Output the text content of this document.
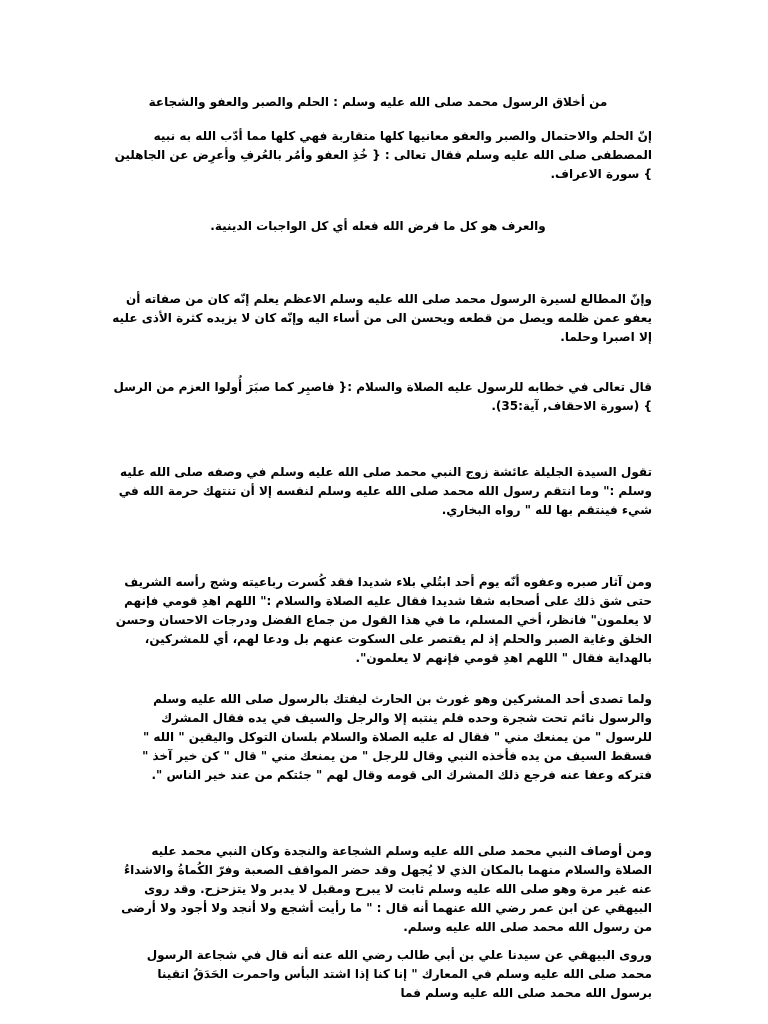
من أخلاق الرسول محمد صلى الله عليه وسلم : الحلم والصبر والعفو والشجاعة

إنّ الحلم والاحتمال والصبر والعفو معانيها كلها متقاربة فهي كلها مما أدّب الله به نبيه المصطفى صلى الله عليه وسلم فقال تعالى : { خُذِ العفو وأمُر بالعُرفِ وأعرِض عن الجاهلين } سورة الاعراف.

والعرف هو كل ما فرض الله فعله أي كل الواجبات الدينية.

وإنّ المطالع لسيرة الرسول محمد صلى الله عليه وسلم الاعظم يعلم إنّه كان من صفاته أن يعفو عمن ظلمه ويصل من قطعه ويحسن الى من أساء اليه وإنّه كان لا يزيده كثرة الأذى عليه إلا اصبرا وحلما.

قال تعالى في خطابه للرسول عليه الصلاة والسلام :{ فاصبِر كما صبَرَ أُولوا العزم من الرسل } (سورة الاحقاف, آية:35).

تقول السيدة الجليلة عائشة زوج النبي محمد صلى الله عليه وسلم في وصفه صلى الله عليه وسلم :" وما انتقم رسول الله محمد صلى الله عليه وسلم لنفسه إلا أن تنتهك حرمة الله في شيء فينتقم بها لله " رواه البخاري.

ومن آثار صبره وعفوه أنّه يوم أحد ابتُلي بلاء شديدا فقد كُسرت رباعيته وشج رأسه الشريف حتى شق ذلك على أصحابه شقا شديدا فقال عليه الصلاة والسلام :" اللهم اهدِ قومي فإنهم لا يعلمون" فانظر، أخي المسلم، ما في هذا القول من جماع الفضل ودرجات الاحسان وحسن الخلق وغاية الصبر والحلم إذ لم يقتصر على السكوت عنهم بل ودعا لهم، أي للمشركين، بالهداية فقال " اللهم اهدِ قومي فإنهم لا يعلمون".

ولما تصدى أحد المشركين وهو غورث بن الحارث ليفتك بالرسول صلى الله عليه وسلم والرسول نائم تحت شجرة وحده فلم ينتبه إلا والرجل والسيف في يده فقال المشرك للرسول " من يمنعك مني " فقال له عليه الصلاة والسلام بلسان التوكل واليقين " الله " فسقط السيف من يده فأخذه النبي وقال للرجل " من يمنعك مني " قال " كن خير آخذ " فتركه وعفا عنه فرجع ذلك المشرك الى قومه وقال لهم " جئتكم من عند خير الناس ".

ومن أوصاف النبي محمد صلى الله عليه وسلم الشجاعة والنجدة وكان النبي محمد عليه الصلاة والسلام منهما بالمكان الذي لا يُجهل وقد حضر المواقف الصعبة وفرّ الكُماةُ والاشداءُ عنه غير مرة وهو صلى الله عليه وسلم ثابت لا يبرح ومقبل لا يدبر ولا يتزحزح. وقد روى البيهقي عن ابن عمر رضي الله عنهما أنه قال : " ما رأيت أشجع ولا أنجد ولا أجود ولا أرضى من رسول الله محمد صلى الله عليه وسلم.

وروى البيهقي عن سيدنا علي بن أبي طالب رضي الله عنه أنه قال في شجاعة الرسول محمد صلى الله عليه وسلم في المعارك " إنا كنا إذا اشتد البأس واحمرت الحَدَقُ اتقينا برسول الله محمد صلى الله عليه وسلم فما
